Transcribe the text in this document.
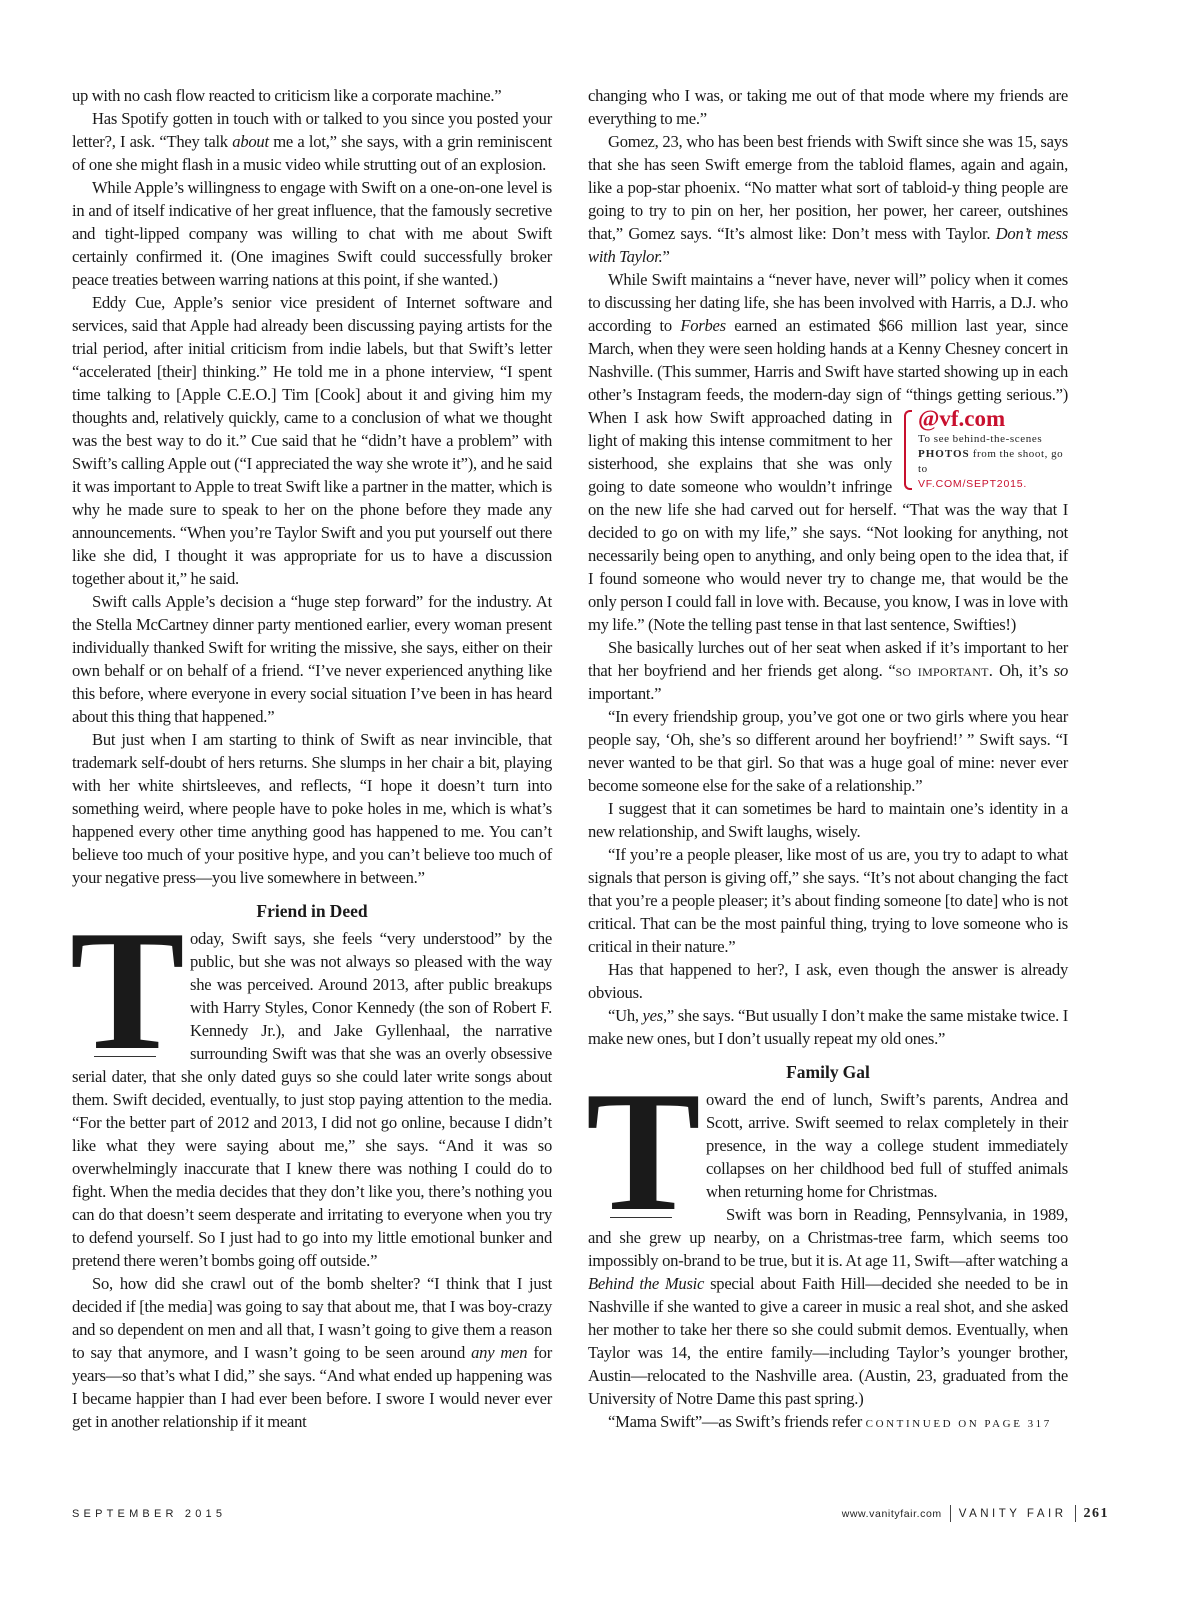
up with no cash flow reacted to criticism like a corporate machine.”

Has Spotify gotten in touch with or talked to you since you posted your letter?, I ask. “They talk about me a lot,” she says, with a grin reminiscent of one she might flash in a music video while strutting out of an explosion.

While Apple’s willingness to engage with Swift on a one-on-one level is in and of itself indicative of her great influence, that the famously secretive and tight-lipped company was willing to chat with me about Swift certainly confirmed it. (One imagines Swift could successfully broker peace treaties between warring nations at this point, if she wanted.)

Eddy Cue, Apple’s senior vice president of Internet software and services, said that Apple had already been discussing paying artists for the trial period, after initial criticism from indie labels, but that Swift’s letter “accelerated [their] thinking.” He told me in a phone interview, “I spent time talking to [Apple C.E.O.] Tim [Cook] about it and giving him my thoughts and, relatively quickly, came to a conclusion of what we thought was the best way to do it.” Cue said that he “didn’t have a problem” with Swift’s calling Apple out (“I appreciated the way she wrote it”), and he said it was important to Apple to treat Swift like a partner in the matter, which is why he made sure to speak to her on the phone before they made any announcements. “When you’re Taylor Swift and you put yourself out there like she did, I thought it was appropriate for us to have a discussion together about it,” he said.

Swift calls Apple’s decision a “huge step forward” for the industry. At the Stella McCartney dinner party mentioned earlier, every woman present individually thanked Swift for writing the missive, she says, either on their own behalf or on behalf of a friend. “I’ve never experienced anything like this before, where everyone in every social situation I’ve been in has heard about this thing that happened.”

But just when I am starting to think of Swift as near invincible, that trademark self-doubt of hers returns. She slumps in her chair a bit, playing with her white shirtsleeves, and reflects, “I hope it doesn’t turn into something weird, where people have to poke holes in me, which is what’s happened every other time anything good has happened to me. You can’t believe too much of your positive hype, and you can’t believe too much of your negative press—you live somewhere in between.”

Friend in Deed
T oday, Swift says, she feels “very understood” by the public, but she was not always so pleased with the way she was perceived. Around 2013, after public breakups with Harry Styles, Conor Kennedy (the son of Robert F. Kennedy Jr.), and Jake Gyllenhaal, the narrative surrounding Swift was that she was an overly obsessive serial dater, that she only dated guys so she could later write songs about them. Swift decided, eventually, to just stop paying attention to the media. “For the better part of 2012 and 2013, I did not go online, because I didn’t like what they were saying about me,” she says. “And it was so overwhelmingly inaccurate that I knew there was nothing I could do to fight. When the media decides that they don’t like you, there’s nothing you can do that doesn’t seem desperate and irritating to everyone when you try to defend yourself. So I just had to go into my little emotional bunker and pretend there weren’t bombs going off outside.”

So, how did she crawl out of the bomb shelter? “I think that I just decided if [the media] was going to say that about me, that I was boy-crazy and so dependent on men and all that, I wasn’t going to give them a reason to say that anymore, and I wasn’t going to be seen around any men for years—so that’s what I did,” she says. “And what ended up happening was I became happier than I had ever been before. I swore I would never ever get in another relationship if it meant

changing who I was, or taking me out of that mode where my friends are everything to me.”

Gomez, 23, who has been best friends with Swift since she was 15, says that she has seen Swift emerge from the tabloid flames, again and again, like a pop-star phoenix. “No matter what sort of tabloid-y thing people are going to try to pin on her, her position, her power, her career, outshines that,” Gomez says. “It’s almost like: Don’t mess with Taylor. Don’t mess with Taylor.”

@vf.com
To see behind-the-scenes PHOTOS from the shoot, go to
VF.COM/SEPT2015.
While Swift maintains a “never have, never will” policy when it comes to discussing her dating life, she has been involved with Harris, a D.J. who according to Forbes earned an estimated $66 million last year, since March, when they were seen holding hands at a Kenny Chesney concert in Nashville. (This summer, Harris and Swift have started showing up in each other’s Instagram feeds, the modern-day sign of “things getting serious.”) When I ask how Swift approached dating in light of making this intense commitment to her sisterhood, she explains that she was only going to date someone who wouldn’t infringe on the new life she had carved out for herself. “That was the way that I decided to go on with my life,” she says. “Not looking for anything, not necessarily being open to anything, and only being open to the idea that, if I found someone who would never try to change me, that would be the only person I could fall in love with. Because, you know, I was in love with my life.” (Note the telling past tense in that last sentence, Swifties!)

She basically lurches out of her seat when asked if it’s important to her that her boyfriend and her friends get along. “so important. Oh, it’s so important.”

“In every friendship group, you’ve got one or two girls where you hear people say, ‘Oh, she’s so different around her boyfriend!’ ” Swift says. “I never wanted to be that girl. So that was a huge goal of mine: never ever become someone else for the sake of a relationship.”

I suggest that it can sometimes be hard to maintain one’s identity in a new relationship, and Swift laughs, wisely.

“If you’re a people pleaser, like most of us are, you try to adapt to what signals that person is giving off,” she says. “It’s not about changing the fact that you’re a people pleaser; it’s about finding someone [to date] who is not critical. That can be the most painful thing, trying to love someone who is critical in their nature.”

Has that happened to her?, I ask, even though the answer is already obvious.

“Uh, yes,” she says. “But usually I don’t make the same mistake twice. I make new ones, but I don’t usually repeat my old ones.”

Family Gal
T oward the end of lunch, Swift’s parents, Andrea and Scott, arrive. Swift seemed to relax completely in their presence, in the way a college student immediately collapses on her childhood bed full of stuffed animals when returning home for Christmas.

Swift was born in Reading, Pennsylvania, in 1989, and she grew up nearby, on a Christmas-tree farm, which seems too impossibly on-brand to be true, but it is. At age 11, Swift—after watching a Behind the Music special about Faith Hill—decided she needed to be in Nashville if she wanted to give a career in music a real shot, and she asked her mother to take her there so she could submit demos. Eventually, when Taylor was 14, the entire family—including Taylor’s younger brother, Austin—relocated to the Nashville area. (Austin, 23, graduated from the University of Notre Dame this past spring.)

“Mama Swift”—as Swift’s friends refer CONTINUED ON PAGE 317

SEPTEMBER 2015	www.vanityfair.com VANITY FAIR 261
